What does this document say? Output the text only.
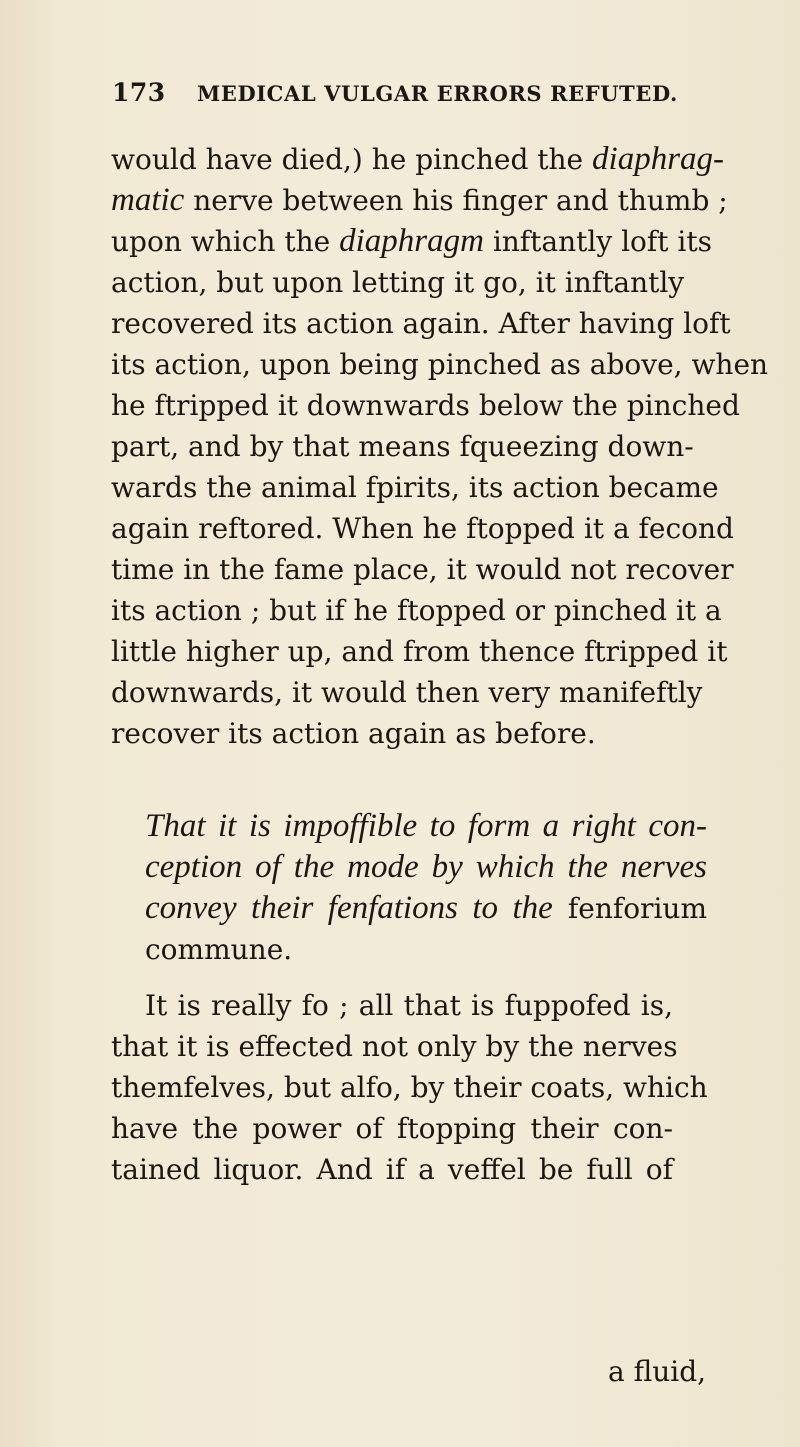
173 MEDICAL VULGAR ERRORS REFUTED.
would have died,) he pinched the diaphrag-
matic nerve between his finger and thumb ;
upon which the diaphragm inftantly loft its
action, but upon letting it go, it inftantly
recovered its action again. After having loft
its action, upon being pinched as above, when
he ftripped it downwards below the pinched
part, and by that means fqueezing down-
wards the animal fpirits, its action became
again reftored. When he ftopped it a fecond
time in the fame place, it would not recover
its action ; but if he ftopped or pinched it a
little higher up, and from thence ftripped it
downwards, it would then very manifeftly
recover its action again as before.
That it is impoffible to form a right con-
ception of the mode by which the nerves
convey their fenfations to the fenforium
commune.
It is really fo ; all that is fuppofed is,
that it is effected not only by the nerves
themfelves, but alfo, by their coats, which
have the power of ftopping their con-
tained liquor. And if a veffel be full of
a fluid,
